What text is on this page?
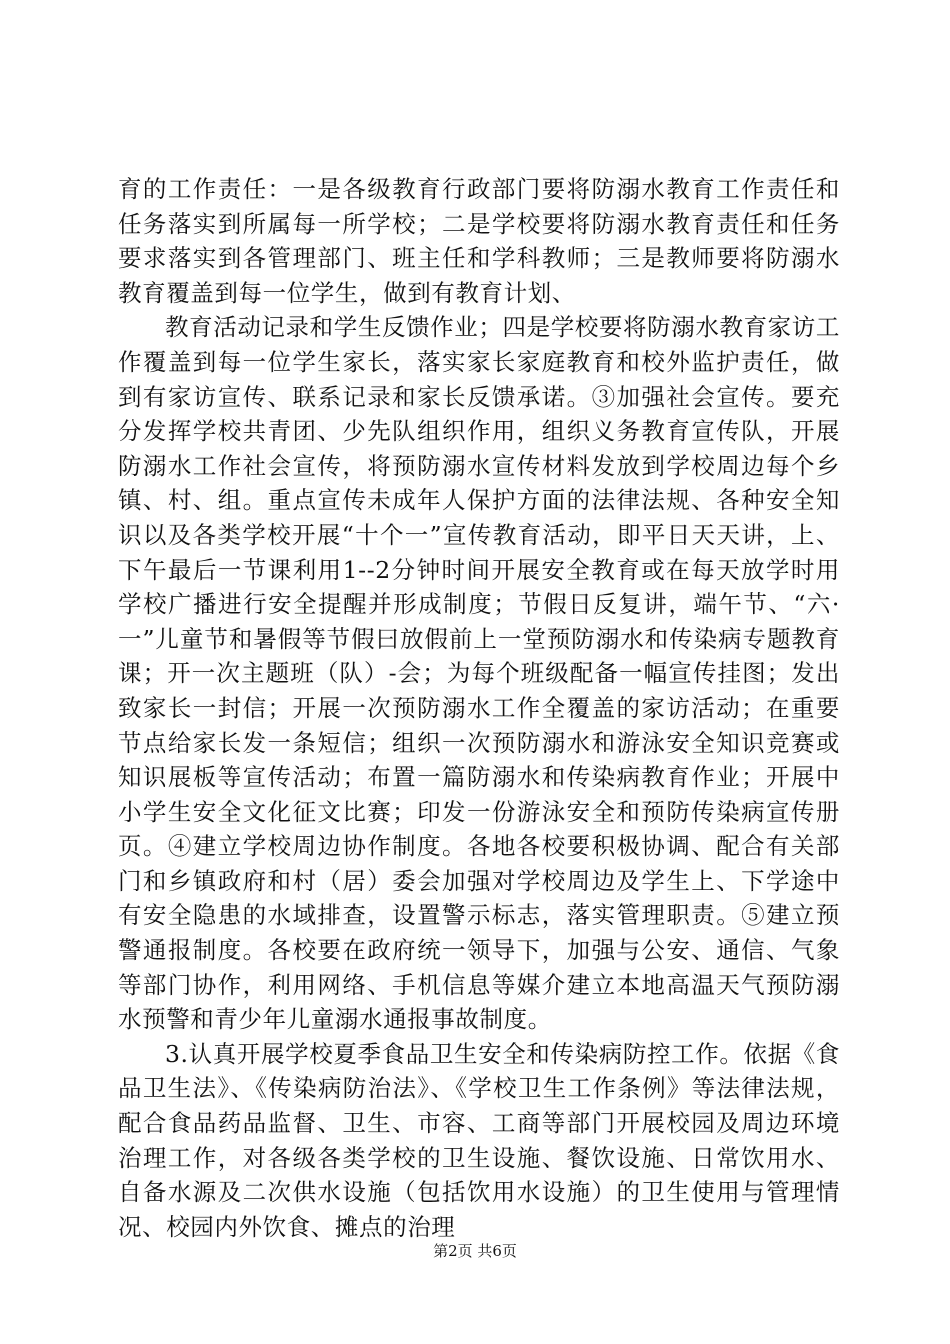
育的工作责任：一是各级教育行政部门要将防溺水教育工作责任和任务落实到所属每一所学校；二是学校要将防溺水教育责任和任务要求落实到各管理部门、班主任和学科教师；三是教师要将防溺水教育覆盖到每一位学生，做到有教育计划、

教育活动记录和学生反馈作业；四是学校要将防溺水教育家访工作覆盖到每一位学生家长，落实家长家庭教育和校外监护责任，做到有家访宣传、联系记录和家长反馈承诺。③加强社会宣传。要充分发挥学校共青团、少先队组织作用，组织义务教育宣传队，开展防溺水工作社会宣传，将预防溺水宣传材料发放到学校周边每个乡镇、村、组。重点宣传未成年人保护方面的法律法规、各种安全知识以及各类学校开展“十个一”宣传教育活动，即平日天天讲，上、下午最后一节课利用1--2分钟时间开展安全教育或在每天放学时用学校广播进行安全提醒并形成制度；节假日反复讲，端午节、“六·一”儿童节和暑假等节假曰放假前上一堂预防溺水和传染病专题教育课；开一次主题班（队）-会；为每个班级配备一幅宣传挂图；发出致家长一封信；开展一次预防溺水工作全覆盖的家访活动；在重要节点给家长发一条短信；组织一次预防溺水和游泳安全知识竞赛或知识展板等宣传活动；布置一篇防溺水和传染病教育作业；开展中小学生安全文化征文比赛；印发一份游泳安全和预防传染病宣传册页。④建立学校周边协作制度。各地各校要积极协调、配合有关部门和乡镇政府和村（居）委会加强对学校周边及学生上、下学途中有安全隐患的水域排查，设置警示标志，落实管理职责。⑤建立预警通报制度。各校要在政府统一领导下，加强与公安、通信、气象等部门协作，利用网络、手机信息等媒介建立本地高温天气预防溺水预警和青少年儿童溺水通报事故制度。

3.认真开展学校夏季食品卫生安全和传染病防控工作。依据《食品卫生法》、《传染病防治法》、《学校卫生工作条例》等法律法规，配合食品药品监督、卫生、市容、工商等部门开展校园及周边环境治理工作，对各级各类学校的卫生设施、餐饮设施、日常饮用水、自备水源及二次供水设施（包括饮用水设施）的卫生使用与管理情况、校园内外饮食、摊点的治理

第2页 共6页
